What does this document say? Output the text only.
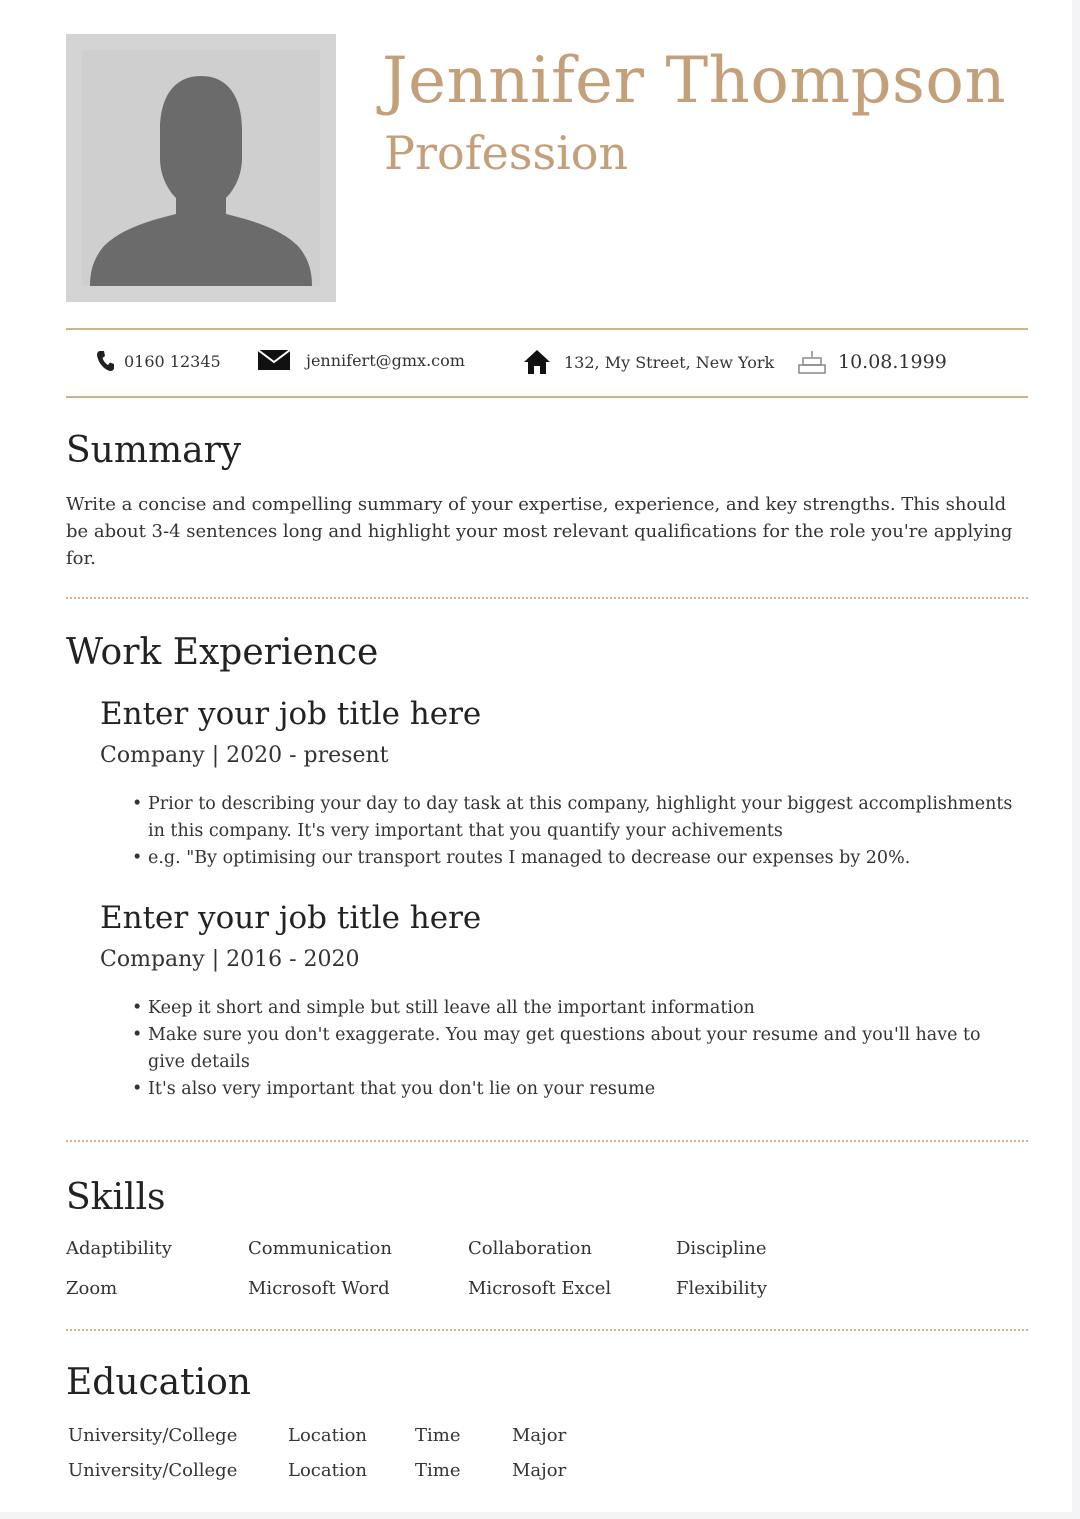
Jennifer Thompson
Profession
0160 12345	jennifert@gmx.com	132, My Street, New York	10.08.1999
Summary
Write a concise and compelling summary of your expertise, experience, and key strengths. This should be about 3-4 sentences long and highlight your most relevant qualifications for the role you're applying for.
Work Experience
Enter your job title here
Company | 2020 - present
• Prior to describing your day to day task at this company, highlight your biggest accomplishments in this company. It's very important that you quantify your achivements
• e.g. "By optimising our transport routes I managed to decrease our expenses by 20%.
Enter your job title here
Company | 2016 - 2020
• Keep it short and simple but still leave all the important information
• Make sure you don't exaggerate. You may get questions about your resume and you'll have to give details
• It's also very important that you don't lie on your resume
Skills
Adaptibility	Communication	Collaboration	Discipline
Zoom	Microsoft Word	Microsoft Excel	Flexibility
Education
University/College	Location	Time	Major
University/College	Location	Time	Major
